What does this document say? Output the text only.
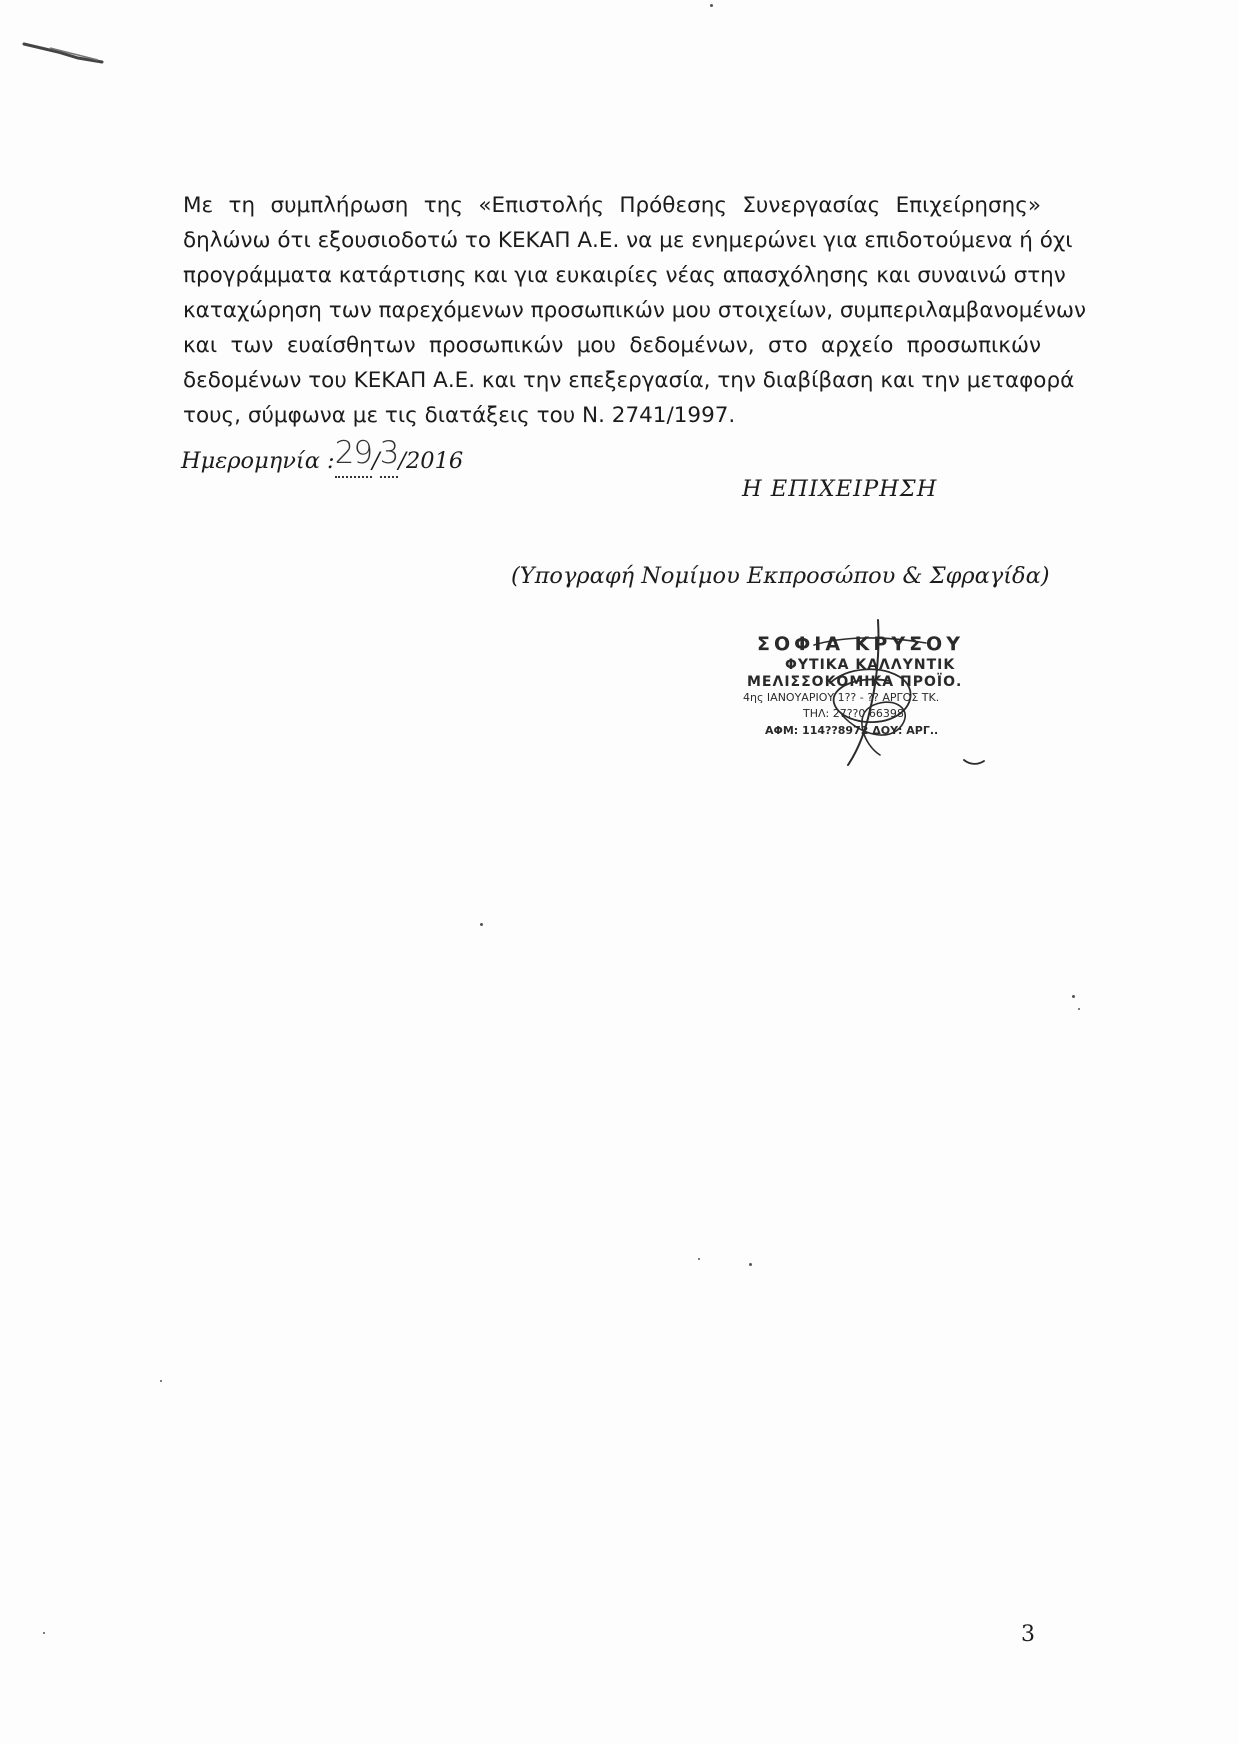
Με τη συμπλήρωση της «Επιστολής Πρόθεσης Συνεργασίας Επιχείρησης»
δηλώνω ότι εξουσιοδοτώ το ΚΕΚΑΠ Α.Ε. να με ενημερώνει για επιδοτούμενα ή όχι
προγράμματα κατάρτισης και για ευκαιρίες νέας απασχόλησης και συναινώ στην
καταχώρηση των παρεχόμενων προσωπικών μου στοιχείων, συμπεριλαμβανομένων
και των ευαίσθητων προσωπικών μου δεδομένων, στο αρχείο προσωπικών
δεδομένων του ΚΕΚΑΠ Α.Ε. και την επεξεργασία, την διαβίβαση και την μεταφορά
τους, σύμφωνα με τις διατάξεις του Ν. 2741/1997.

Ημερομηνία :29
/3
/2016
Η ΕΠΙΧΕΙΡΗΣΗ
(Υπογραφή Νομίμου Εκπροσώπου & Σφραγίδα)
ΣΟΦΙΑ ΚΡΥΣΟΥ
ΦΥΤΙΚΑ ΚΑΛΛΥΝΤΙΚ
ΜΕΛΙΣΣΟΚΟΜΙΚΑ ΠΡΟΪΟ.
4ης ΙΑΝΟΥΑΡΙΟΥ 1?? - ?? ΑΡΓΟΣ ΤΚ.
ΤΗΛ: 27??0 66398
ΑΦΜ: 114??8972 ΔΟΥ: ΑΡΓ..
3
